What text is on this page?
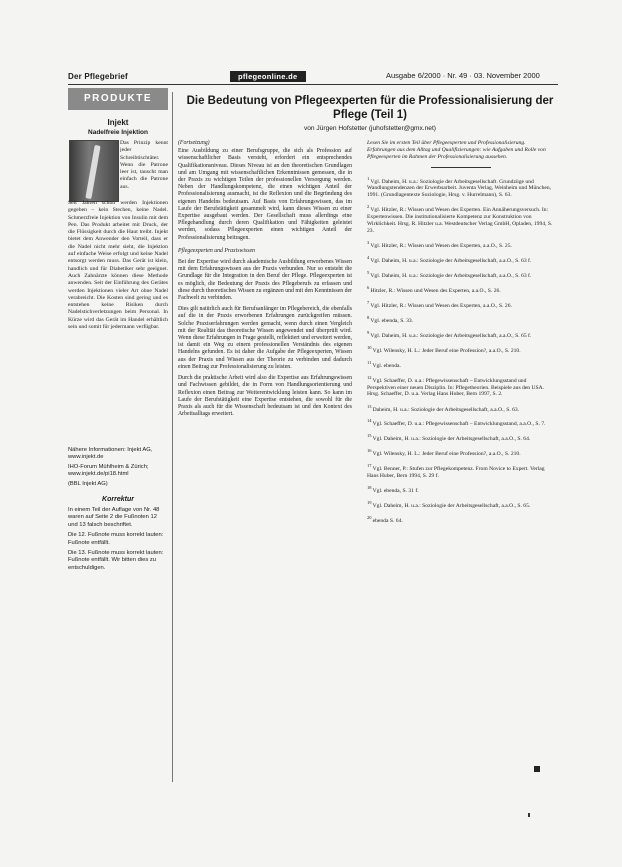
Der Pflegebrief	pflegeonline.de	Ausgabe 6/2000 · Nr. 49 · 03. November 2000
PRODUKTE
Injekt
Nadelfreie Injektion
Das Prinzip kennt jeder Schreibtischtäter. Wenn die Patrone leer ist, tauscht man einfach die Patrone aus.
Seit Jahren schon werden Injektionen gegeben – kein Stechen, keine Nadel. Schmerzfreie Injektion von Insulin mit dem Pen. Das Produkt arbeitet mit Druck, der die Flüssigkeit durch die Haut treibt. Injekt bietet dem Anwender den Vorteil, dass er die Nadel nicht mehr sieht, die Injektion auf einfache Weise erfolgt und keine Nadel entsorgt werden muss. Das Gerät ist klein, handlich und für Diabetiker sehr geeignet. Auch Zahnärzte können diese Methode anwenden. Seit der Einführung des Gerätes werden Injektionen vieler Art ohne Nadel verabreicht. Die Kosten sind gering und es entstehen keine Risiken durch Nadelstichverletzungen beim Personal. In Kürze wird das Gerät im Handel erhältlich sein und somit für jedermann verfügbar.
Nähere Informationen: Injekt AG, www.injekt.de
IHO-Forum Mühlheim & Zürich; www.injekt.de/pi18.html
(BBL Injekt AG)
Korrektur

In einem Teil der Auflage von Nr. 48 waren auf Seite 2 die Fußnoten 12 und 13 falsch beschriftet.

Die 12. Fußnote muss korrekt lauten: Fußnote entfällt.

Die 13. Fußnote muss korrekt lauten: Fußnote entfällt. Wir bitten dies zu entschuldigen.

Die Bedeutung von Pflegeexperten für die Professionalisierung der Pflege (Teil 1)
von Jürgen Hofstetter (juhofstetter@gmx.net)

(Fortsetzung)

Eine Ausbildung zu einer Berufsgruppe, die sich als Profession auf wissenschaftlicher Basis versteht, erfordert ein entsprechendes Qualifikationsniveau. Dieses Niveau ist an den theoretischen Grundlagen und am Umgang mit wissenschaftlichen Erkenntnissen gemessen, die in der Praxis zu wichtigen Teilen der professionellen Versorgung werden. Neben der Handlungskompetenz, die einen wichtigen Anteil der Professionalisierung ausmacht, ist die Reflexion und die Begründung des eigenen Handelns bedeutsam. Auf Basis von Erfahrungswissen, das im Laufe der Berufstätigkeit gesammelt wird, kann dieses Wissen zu einer Expertise ausgebaut werden. Der Gesellschaft muss allerdings eine Pflegehandlung durch deren Qualifikation und Fähigkeiten geleistet werden, sodass Pflegeexperten einen wichtigen Anteil der Professionalisierung beitragen.

Pflegeexperten und Praxiswissen

Bei der Expertise wird durch akademische Ausbildung erworbenes Wissen mit dem Erfahrungswissen aus der Praxis verbunden. Nur so entsteht die Grundlage für die Integration in den Beruf der Pflege. Pflegeexperten ist es möglich, die Bedeutung der Praxis des Pflegeberufs zu erfassen und diese durch theoretisches Wissen zu ergänzen und mit den Kenntnissen der Fachwelt zu verbinden.

Dies gilt natürlich auch für Berufsanfänger im Pflegebereich, die ebenfalls auf die in der Praxis erworbenen Erfahrungen zurückgreifen müssen. Solche Praxiserfahrungen werden gemacht, wenn durch einen Vergleich mit der Realität das theoretische Wissen angewendet und überprüft wird. Wenn diese Erfahrungen in Frage gestellt, reflektiert und erweitert werden, ist damit ein Weg zu einem professionellen Verständnis des eigenen Handelns gefunden. Es ist daher die Aufgabe der Pflegeexperten, Wissen aus der Praxis und Wissen aus der Theorie zu verbinden und dadurch einen Beitrag zur Professionalisierung zu leisten.

Durch die praktische Arbeit wird also die Expertise aus Erfahrungswissen und Fachwissen gebildet, die in Form von Handlungsorientierung und Reflexion einen Beitrag zur Weiterentwicklung leisten kann. So kann im Laufe der Berufstätigkeit eine Expertise entstehen, die sowohl für die Praxis als auch für die Wissenschaft bedeutsam ist und den Kontext des Arbeitsalltags erweitert.

Lesen Sie im ersten Teil über Pflegeexperten und Professionalisierung. Erfahrungen aus dem Alltag und Qualifizierungen: wie Aufgaben und Rolle von Pflegeexperten im Rahmen der Professionalisierung aussehen.

$^1$ Vgl. Daheim, H. u.a.: Soziologie der Arbeitsgesellschaft. Grundzüge und Wandlungstendenzen der Erwerbsarbeit. Juventa Verlag, Weinheim und München, 1991. (Grundlagentexte Soziologie, Hrsg. v. Hurrelmann), S. 63.

$^2$ Vgl. Hitzler, R.: Wissen und Wesen des Experten. Ein Annäherungsversuch. In: Expertenwissen. Die institutionalisierte Kompetenz zur Konstruktion von Wirklichkeit. Hrsg. R. Hitzler u.a. Westdeutscher Verlag GmbH, Opladen, 1994, S. 23.

$^3$ Vgl. Hitzler, R.: Wissen und Wesen des Experten, a.a.O., S. 25.

$^4$ Vgl. Daheim, H. u.a.: Soziologie der Arbeitsgesellschaft, a.a.O., S. 63 f.

$^5$ Vgl. Daheim, H. u.a.: Soziologie der Arbeitsgesellschaft, a.a.O., S. 63 f.

$^6$ Hitzler, R.: Wissen und Wesen des Experten, a.a.O., S. 26.

$^7$ Vgl. Hitzler, R.: Wissen und Wesen des Experten, a.a.O., S. 26.

$^8$ Vgl. ebenda, S. 33.

$^9$ Vgl. Daheim, H. u.a.: Soziologie der Arbeitsgesellschaft, a.a.O., S. 65 f.

$^{10}$ Vgl. Wilensky, H. L.: Jeder Beruf eine Profession?, a.a.O., S. 210.

$^{11}$ Vgl. ebenda.

$^{12}$ Vgl. Schaeffer, D. u.a.: Pflegewissenschaft – Entwicklungsstand und Perspektiven einer neuen Disziplin. In: Pflegetheorien. Beispiele aus den USA. Hrsg. Schaeffer, D. u.a. Verlag Hans Huber, Bern 1997, S. 2.

$^{13}$ Daheim, H. u.a.: Soziologie der Arbeitsgesellschaft, a.a.O., S. 63.

$^{14}$ Vgl. Schaeffer, D. u.a.: Pflegewissenschaft – Entwicklungsstand, a.a.O., S. 7.

$^{15}$ Vgl. Daheim, H. u.a.: Soziologie der Arbeitsgesellschaft, a.a.O., S. 64.

$^{16}$ Vgl. Wilensky, H. L.: Jeder Beruf eine Profession?, a.a.O., S. 210.

$^{17}$ Vgl. Benner, P.: Stufen zur Pflegekompetenz. From Novice to Expert. Verlag Hans Huber, Bern 1994, S. 29 f.

$^{18}$ Vgl. ebenda, S. 31 f.

$^{19}$ Vgl. Daheim, H. u.a.: Soziologie der Arbeitsgesellschaft, a.a.O., S. 65.

$^{20}$ ebenda S. 64.
